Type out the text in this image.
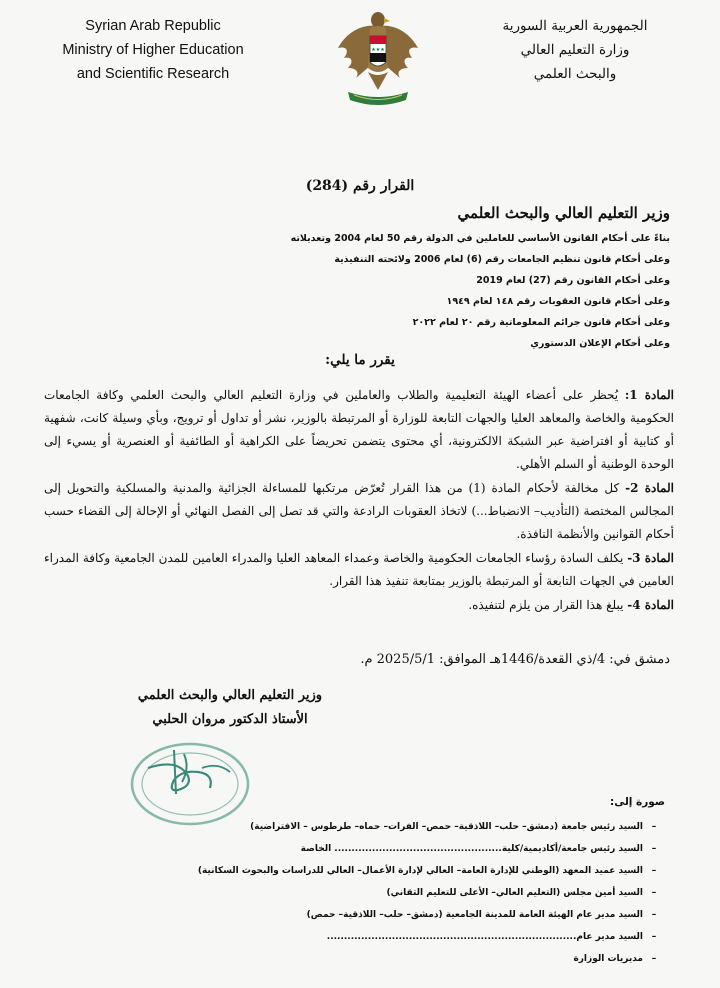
Syrian Arab Republic
Ministry of Higher Education
and Scientific Research
★★★
الجمهورية العربية السورية
وزارة التعليم العالي
والبحث العلمي
القرار رقم (284)
وزير التعليم العالي والبحث العلمي
بناءً على أحكام القانون الأساسي للعاملين في الدولة رقم 50 لعام 2004 وتعديلاته
وعلى أحكام قانون تنظيم الجامعات رقم (6) لعام 2006 ولائحته التنفيذية
وعلى أحكام القانون رقم (27) لعام 2019
وعلى أحكام قانون العقوبات رقم ١٤٨ لعام ١٩٤٩
وعلى أحكام قانون جرائم المعلوماتية رقم ٢٠ لعام ٢٠٢٢
وعلى أحكام الإعلان الدستوري
يقرر ما يلي:
المادة 1: يُحظر على أعضاء الهيئة التعليمية والطلاب والعاملين في وزارة التعليم العالي والبحث العلمي وكافة الجامعات الحكومية والخاصة والمعاهد العليا والجهات التابعة للوزارة أو المرتبطة بالوزير، نشر أو تداول أو ترويج، وبأي وسيلة كانت، شفهية أو كتابية أو افتراضية عبر الشبكة الالكترونية، أي محتوى يتضمن تحريضاً على الكراهية أو الطائفية أو العنصرية أو يسيء إلى الوحدة الوطنية أو السلم الأهلي.
المادة 2- كل مخالفة لأحكام المادة (1) من هذا القرار تُعرّض مرتكبها للمساءلة الجزائية والمدنية والمسلكية والتحويل إلى المجالس المختصة (التأديب– الانضباط...) لاتخاذ العقوبات الرادعة والتي قد تصل إلى الفصل النهائي أو الإحالة إلى القضاء حسب أحكام القوانين والأنظمة النافذة.
المادة 3- يكلف السادة رؤساء الجامعات الحكومية والخاصة وعمداء المعاهد العليا والمدراء العامين للمدن الجامعية وكافة المدراء العامين في الجهات التابعة أو المرتبطة بالوزير بمتابعة تنفيذ هذا القرار.
المادة 4- يبلغ هذا القرار من يلزم لتنفيذه.
دمشق في: 4/ذي القعدة/1446هـ الموافق: 2025/5/1 م.
وزير التعليم العالي والبحث العلمي
الأستاذ الدكتور مروان الحلبي
صورة إلى:
–
السيد رئيس جامعة (دمشق– حلب– اللاذقية– حمص– الفرات– حماه– طرطوس – الافتراضية)
–
السيد رئيس جامعة/أكاديمية/كلية................................................. الخاصة
–
السيد عميد المعهد (الوطني للإدارة العامة– العالي لإدارة الأعمال– العالي للدراسات والبحوث السكانية)
–
السيد أمين مجلس (التعليم العالي– الأعلى للتعليم التقاني)
–
السيد مدير عام الهيئة العامة للمدينة الجامعية (دمشق– حلب– اللاذقية– حمص)
–
السيد مدير عام.........................................................................
–
مديريات الوزارة
